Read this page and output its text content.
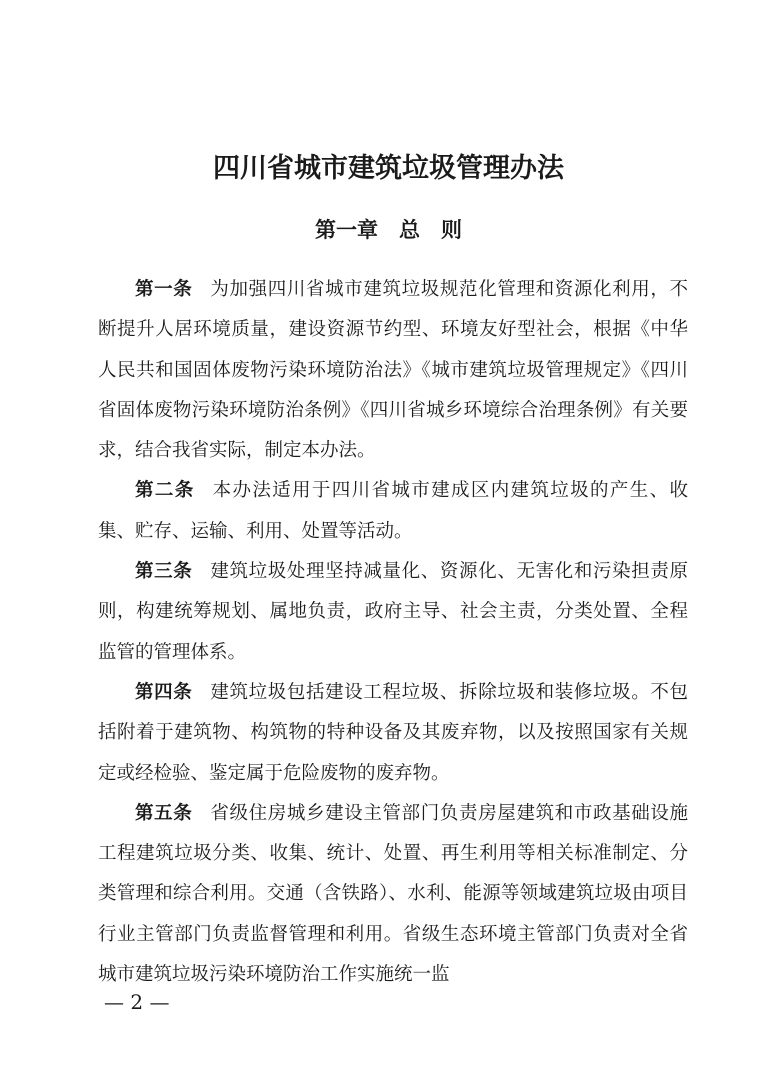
四川省城市建筑垃圾管理办法
第一章　总　则

第一条 为加强四川省城市建筑垃圾规范化管理和资源化利用，不断提升人居环境质量，建设资源节约型、环境友好型社会，根据《中华人民共和国固体废物污染环境防治法》《城市建筑垃圾管理规定》《四川省固体废物污染环境防治条例》《四川省城乡环境综合治理条例》有关要求，结合我省实际，制定本办法。

第二条 本办法适用于四川省城市建成区内建筑垃圾的产生、收集、贮存、运输、利用、处置等活动。

第三条 建筑垃圾处理坚持减量化、资源化、无害化和污染担责原则，构建统筹规划、属地负责，政府主导、社会主责，分类处置、全程监管的管理体系。

第四条 建筑垃圾包括建设工程垃圾、拆除垃圾和装修垃圾。不包括附着于建筑物、构筑物的特种设备及其废弃物，以及按照国家有关规定或经检验、鉴定属于危险废物的废弃物。

第五条 省级住房城乡建设主管部门负责房屋建筑和市政基础设施工程建筑垃圾分类、收集、统计、处置、再生利用等相关标准制定、分类管理和综合利用。交通（含铁路）、水利、能源等领域建筑垃圾由项目行业主管部门负责监督管理和利用。省级生态环境主管部门负责对全省城市建筑垃圾污染环境防治工作实施统一监

— 2 —
